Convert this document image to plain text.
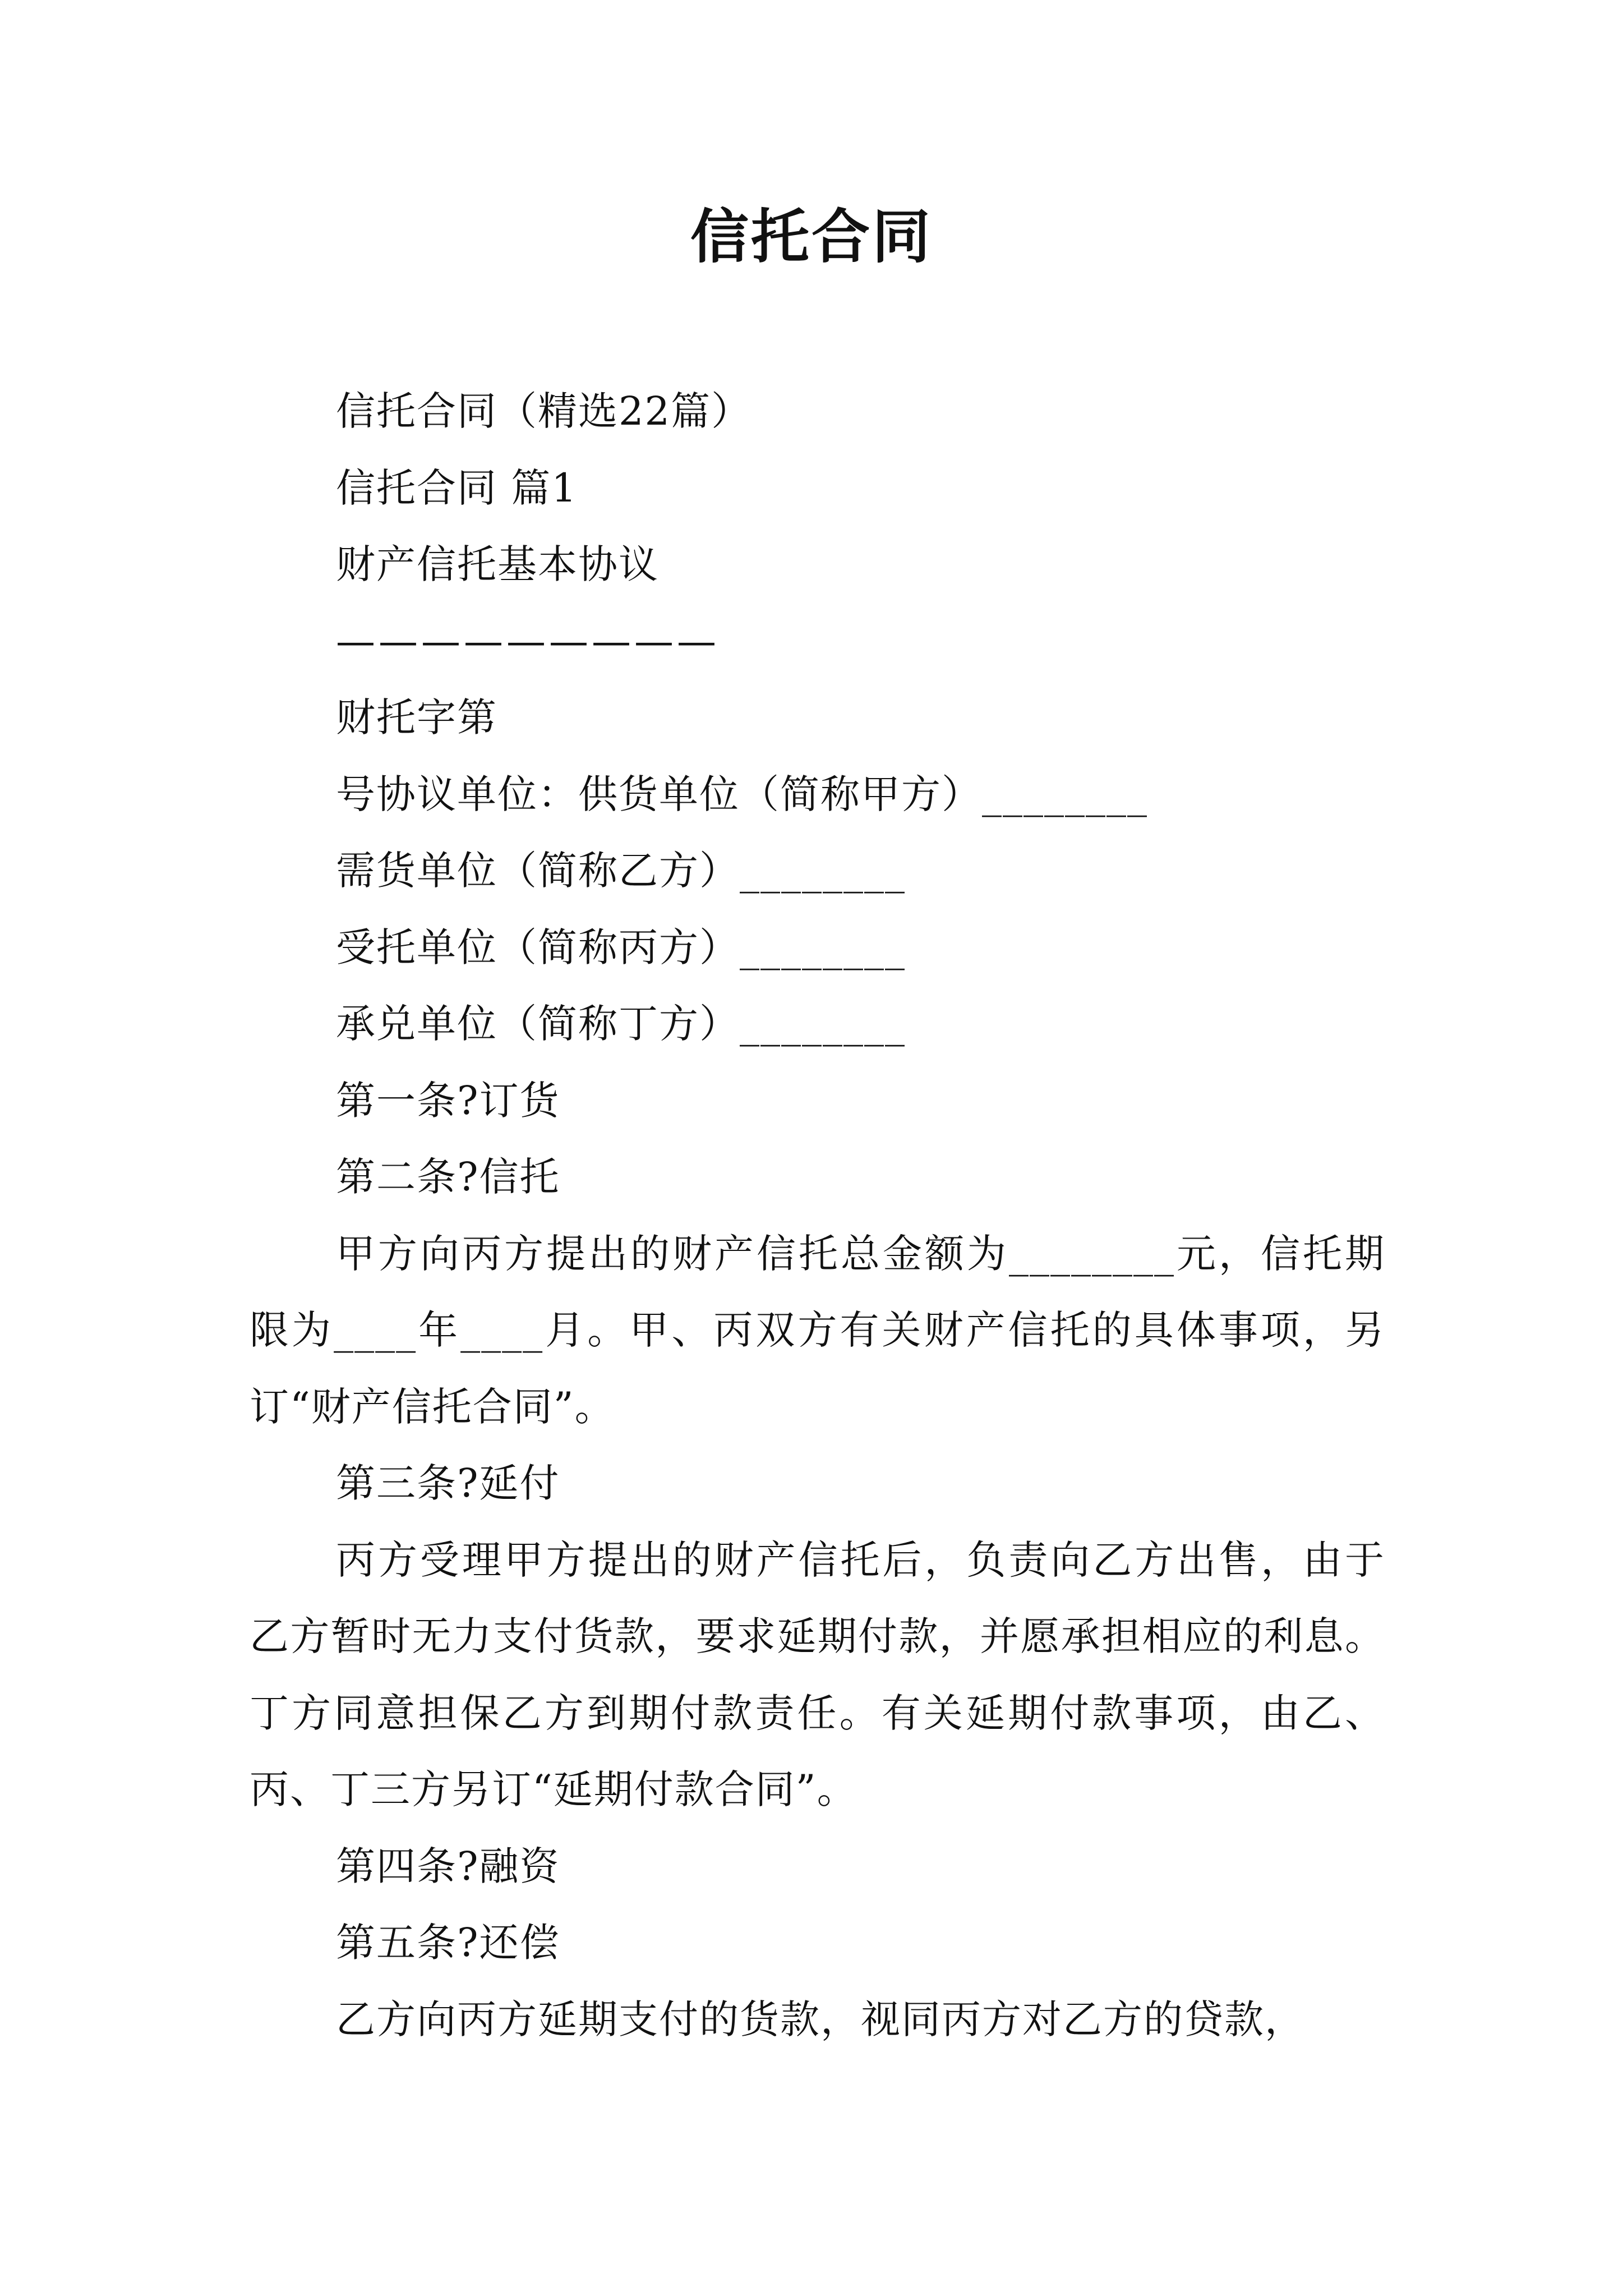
信托合同

信托合同（精选22篇）

信托合同 篇1

财产信托基本协议

—————————

财托字第

号协议单位：供货单位（简称甲方）________

需货单位（简称乙方）________

受托单位（简称丙方）________

承兑单位（简称丁方）________

第一条?订货

第二条?信托

甲方向丙方提出的财产信托总金额为________元，信托期限为____年____月。甲、丙双方有关财产信托的具体事项，另订“财产信托合同”。

第三条?延付

丙方受理甲方提出的财产信托后，负责向乙方出售，由于乙方暂时无力支付货款，要求延期付款，并愿承担相应的利息。丁方同意担保乙方到期付款责任。有关延期付款事项，由乙、丙、丁三方另订“延期付款合同”。

第四条?融资

第五条?还偿

乙方向丙方延期支付的货款，视同丙方对乙方的贷款，
